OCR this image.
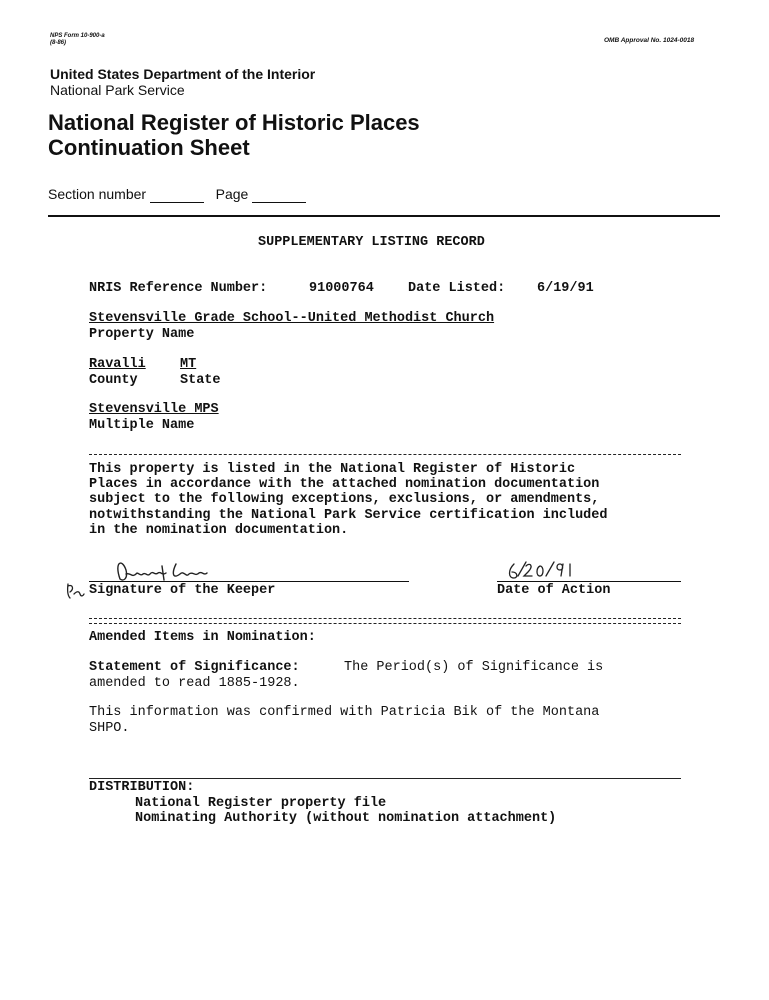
NPS Form 10-900-a
(8-86)	OMB Approval No. 1024-0018
United States Department of the Interior
National Park Service
National Register of Historic Places
Continuation Sheet
Section number	Page
SUPPLEMENTARY LISTING RECORD
NRIS Reference Number:	91000764	Date Listed: 6/19/91
Stevensville Grade School--United Methodist Church
Property Name
Ravalli	MT
County	State
Stevensville MPS
Multiple Name
This property is listed in the National Register of Historic
Places in accordance with the attached nomination documentation
subject to the following exceptions, exclusions, or amendments,
notwithstanding the National Park Service certification included
in the nomination documentation.
Signature of the Keeper	Date of Action
Amended Items in Nomination:
Statement of Significance:	The Period(s) of Significance is
amended to read 1885-1928.
This information was confirmed with Patricia Bik of the Montana
SHPO.
DISTRIBUTION:
National Register property file
Nominating Authority (without nomination attachment)
